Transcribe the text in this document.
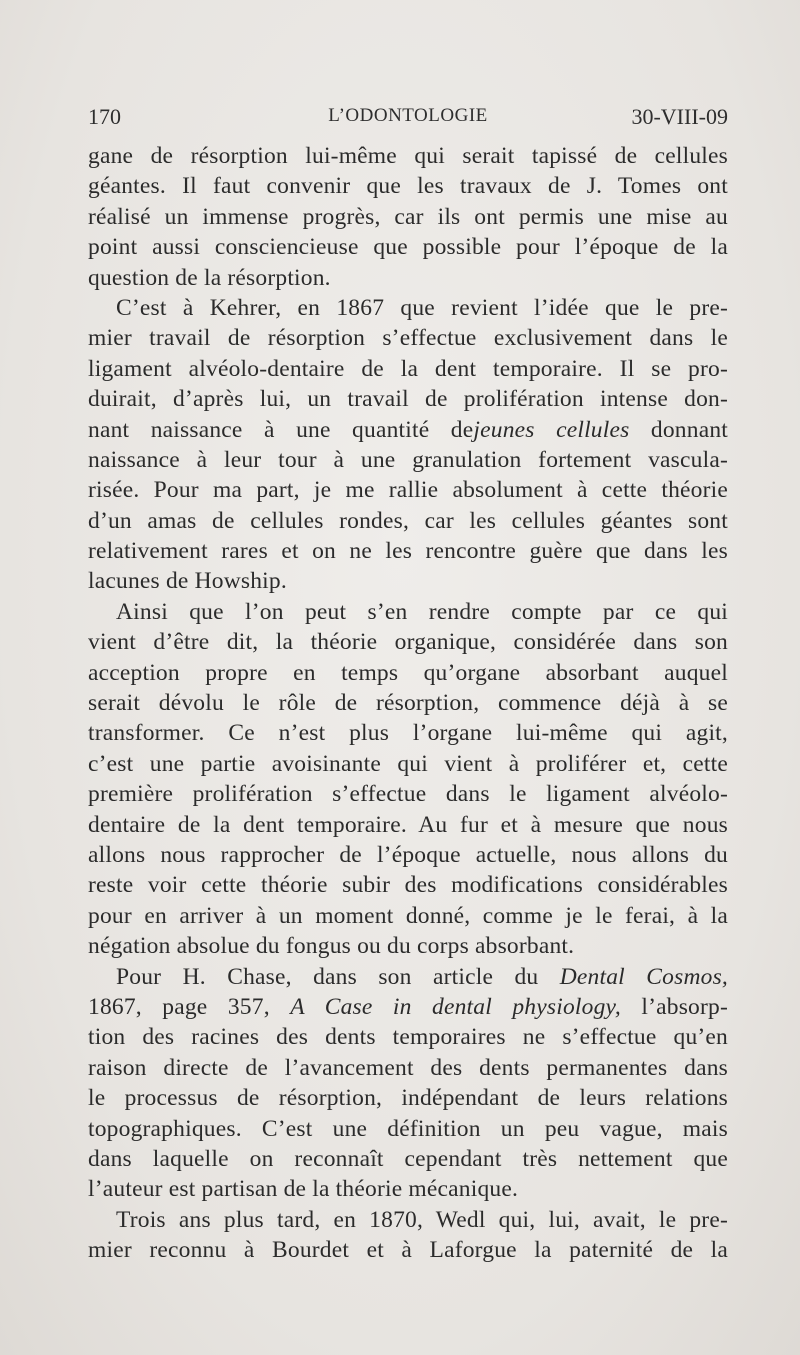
170	L’ODONTOLOGIE	30-VIII-09
gane de résorption lui-même qui serait tapissé de cellules
géantes. Il faut convenir que les travaux de J. Tomes ont
réalisé un immense progrès, car ils ont permis une mise au
point aussi consciencieuse que possible pour l’époque de la
question de la résorption.
C’est à Kehrer, en 1867 que revient l’idée que le pre-
mier travail de résorption s’effectue exclusivement dans le
ligament alvéolo-dentaire de la dent temporaire. Il se pro-
duirait, d’après lui, un travail de prolifération intense don-
nant naissance à une quantité dejeunes cellules donnant
naissance à leur tour à une granulation fortement vascula-
risée. Pour ma part, je me rallie absolument à cette théorie
d’un amas de cellules rondes, car les cellules géantes sont
relativement rares et on ne les rencontre guère que dans les
lacunes de Howship.
Ainsi que l’on peut s’en rendre compte par ce qui
vient d’être dit, la théorie organique, considérée dans son
acception propre en temps qu’organe absorbant auquel
serait dévolu le rôle de résorption, commence déjà à se
transformer. Ce n’est plus l’organe lui-même qui agit,
c’est une partie avoisinante qui vient à proliférer et, cette
première prolifération s’effectue dans le ligament alvéolo-
dentaire de la dent temporaire. Au fur et à mesure que nous
allons nous rapprocher de l’époque actuelle, nous allons du
reste voir cette théorie subir des modifications considérables
pour en arriver à un moment donné, comme je le ferai, à la
négation absolue du fongus ou du corps absorbant.
Pour H. Chase, dans son article du Dental Cosmos,
1867, page 357, A Case in dental physiology, l’absorp-
tion des racines des dents temporaires ne s’effectue qu’en
raison directe de l’avancement des dents permanentes dans
le processus de résorption, indépendant de leurs relations
topographiques. C’est une définition un peu vague, mais
dans laquelle on reconnaît cependant très nettement que
l’auteur est partisan de la théorie mécanique.
Trois ans plus tard, en 1870, Wedl qui, lui, avait, le pre-
mier reconnu à Bourdet et à Laforgue la paternité de la
